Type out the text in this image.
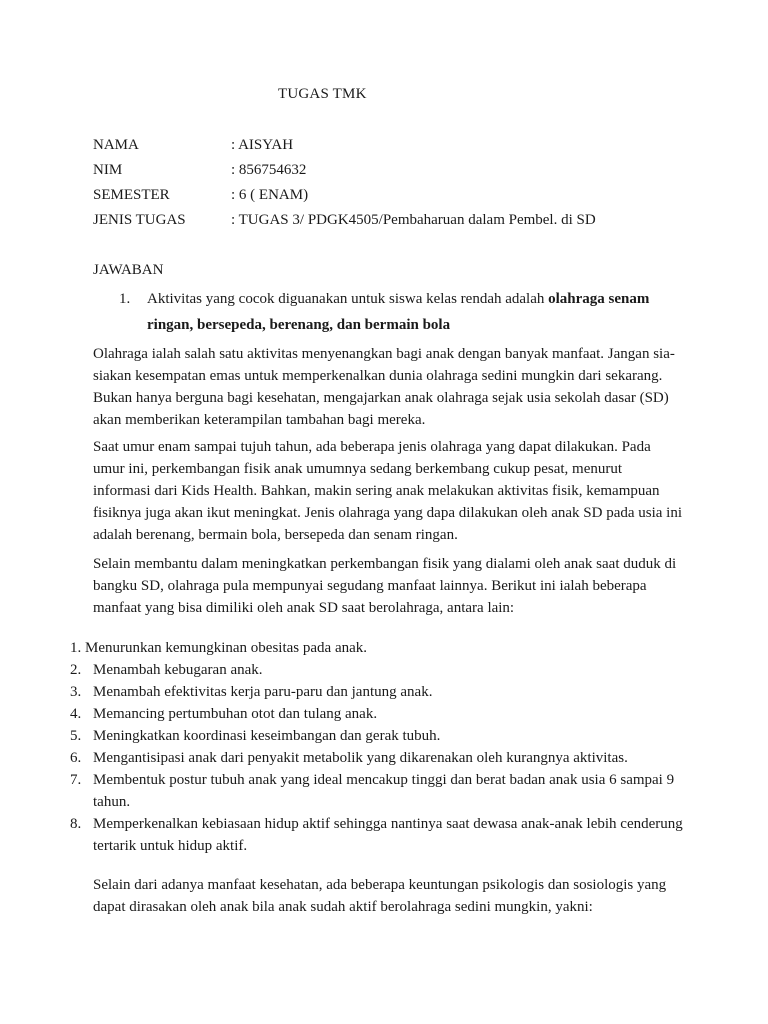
TUGAS TMK
NAMA	: AISYAH
NIM	: 856754632
SEMESTER	: 6 ( ENAM)
JENIS TUGAS	: TUGAS 3/ PDGK4505/Pembaharuan dalam Pembel. di SD
JAWABAN
1. Aktivitas yang cocok diguanakan untuk siswa kelas rendah adalah olahraga senam ringan, bersepeda, berenang, dan bermain bola

Olahraga ialah salah satu aktivitas menyenangkan bagi anak dengan banyak manfaat. Jangan sia-siakan kesempatan emas untuk memperkenalkan dunia olahraga sedini mungkin dari sekarang. Bukan hanya berguna bagi kesehatan, mengajarkan anak olahraga sejak usia sekolah dasar (SD) akan memberikan keterampilan tambahan bagi mereka.

Saat umur enam sampai tujuh tahun, ada beberapa jenis olahraga yang dapat dilakukan. Pada umur ini, perkembangan fisik anak umumnya sedang berkembang cukup pesat, menurut informasi dari Kids Health. Bahkan, makin sering anak melakukan aktivitas fisik, kemampuan fisiknya juga akan ikut meningkat. Jenis olahraga yang dapa dilakukan oleh anak SD pada usia ini adalah berenang, bermain bola, bersepeda dan senam ringan.

Selain membantu dalam meningkatkan perkembangan fisik yang dialami oleh anak saat duduk di bangku SD, olahraga pula mempunyai segudang manfaat lainnya. Berikut ini ialah beberapa manfaat yang bisa dimiliki oleh anak SD saat berolahraga, antara lain:

1. Menurunkan kemungkinan obesitas pada anak.
2. Menambah kebugaran anak.
3. Menambah efektivitas kerja paru-paru dan jantung anak.
4. Memancing pertumbuhan otot dan tulang anak.
5. Meningkatkan koordinasi keseimbangan dan gerak tubuh.
6. Mengantisipasi anak dari penyakit metabolik yang dikarenakan oleh kurangnya aktivitas.
7. Membentuk postur tubuh anak yang ideal mencakup tinggi dan berat badan anak usia 6 sampai 9 tahun.
8. Memperkenalkan kebiasaan hidup aktif sehingga nantinya saat dewasa anak-anak lebih cenderung tertarik untuk hidup aktif.

Selain dari adanya manfaat kesehatan, ada beberapa keuntungan psikologis dan sosiologis yang dapat dirasakan oleh anak bila anak sudah aktif berolahraga sedini mungkin, yakni:
